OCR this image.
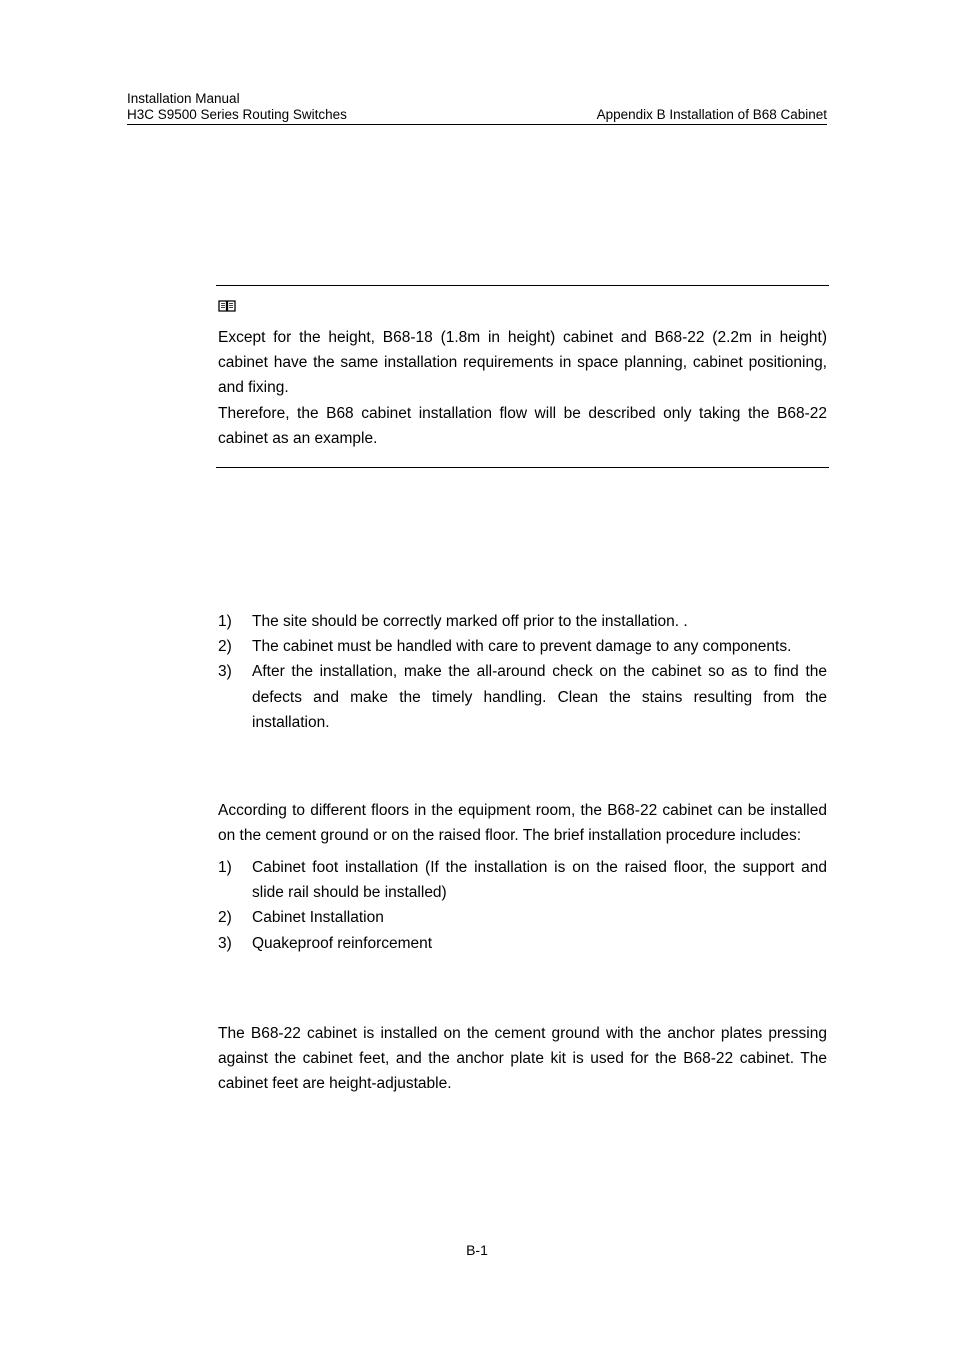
Installation Manual
H3C S9500 Series Routing Switches	Appendix B Installation of B68 Cabinet

Except for the height, B68-18 (1.8m in height) cabinet and B68-22 (2.2m in height) cabinet have the same installation requirements in space planning, cabinet positioning, and fixing.

Therefore, the B68 cabinet installation flow will be described only taking the B68-22 cabinet as an example.

1) The site should be correctly marked off prior to the installation. .
2) The cabinet must be handled with care to prevent damage to any components.
3) After the installation, make the all-around check on the cabinet so as to find the defects and make the timely handling. Clean the stains resulting from the installation.
According to different floors in the equipment room, the B68-22 cabinet can be installed on the cement ground or on the raised floor. The brief installation procedure includes:
1) Cabinet foot installation (If the installation is on the raised floor, the support and slide rail should be installed)
2) Cabinet Installation
3) Quakeproof reinforcement
The B68-22 cabinet is installed on the cement ground with the anchor plates pressing against the cabinet feet, and the anchor plate kit is used for the B68-22 cabinet. The cabinet feet are height-adjustable.
B-1
